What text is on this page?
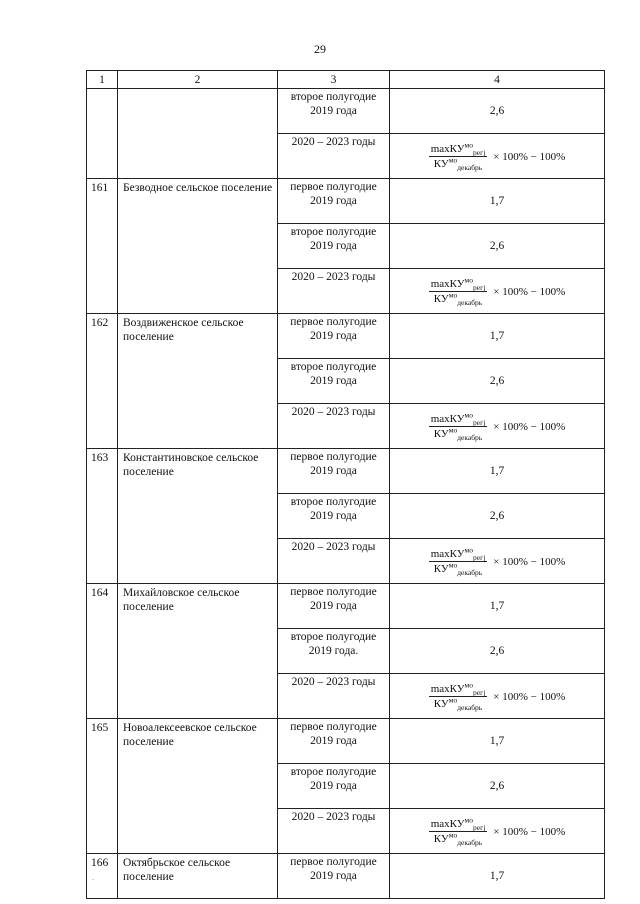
29
1	2	3	4
		второе полугодие 2019 года	2,6
		2020 – 2023 годы	$\frac{\max КУ^{мо}_{регj}}{КУ^{мо}_{декабрь}} \times 100\% - 100\%$

161	Безводное сельское поселение	первое полугодие 2019 года	1,7
		второе полугодие 2019 года	2,6
		2020 – 2023 годы	$\frac{\max КУ^{мо}_{регj}}{КУ^{мо}_{декабрь}} \times 100\% - 100\%$

162	Воздвиженское сельское поселение	первое полугодие 2019 года	1,7
		второе полугодие 2019 года	2,6
		2020 – 2023 годы	$\frac{\max КУ^{мо}_{регj}}{КУ^{мо}_{декабрь}} \times 100\% - 100\%$

163	Константиновское сельское поселение	первое полугодие 2019 года	1,7
		второе полугодие 2019 года	2,6
		2020 – 2023 годы	$\frac{\max КУ^{мо}_{регj}}{КУ^{мо}_{декабрь}} \times 100\% - 100\%$

164	Михайловское сельское поселение	первое полугодие 2019 года	1,7
		второе полугодие 2019 года.	2,6
		2020 – 2023 годы	$\frac{\max КУ^{мо}_{регj}}{КУ^{мо}_{декабрь}} \times 100\% - 100\%$

165	Новоалексеевское сельское поселение	первое полугодие 2019 года	1,7
		второе полугодие 2019 года	2,6
		2020 – 2023 годы	$\frac{\max КУ^{мо}_{регj}}{КУ^{мо}_{декабрь}} \times 100\% - 100\%$

166	Октябрьское сельское поселение	первое полугодие 2019 года	1,7
.
